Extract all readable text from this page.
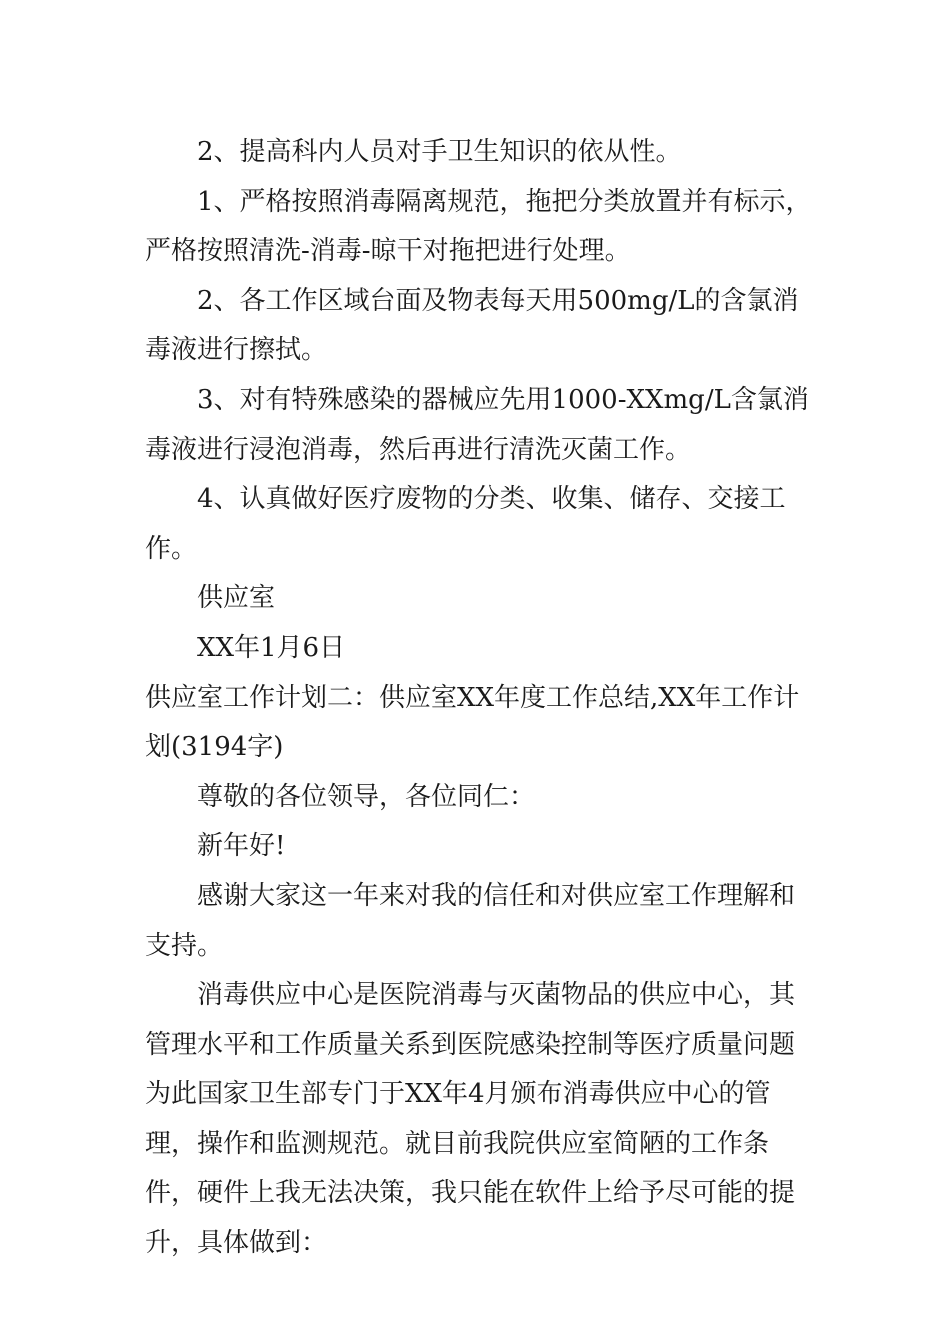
2、提高科内人员对手卫生知识的依从性。

1、严格按照消毒隔离规范，拖把分类放置并有标示，严格按照清洗-消毒-晾干对拖把进行处理。

2、各工作区域台面及物表每天用500mg/L的含氯消毒液进行擦拭。

3、对有特殊感染的器械应先用1000-XXmg/L含氯消毒液进行浸泡消毒，然后再进行清洗灭菌工作。

4、认真做好医疗废物的分类、收集、储存、交接工作。

供应室

XX年1月6日

供应室工作计划二：供应室XX年度工作总结,XX年工作计划(3194字)

尊敬的各位领导，各位同仁：

新年好!

感谢大家这一年来对我的信任和对供应室工作理解和支持。

消毒供应中心是医院消毒与灭菌物品的供应中心，其管理水平和工作质量关系到医院感染控制等医疗质量问题为此国家卫生部专门于XX年4月颁布消毒供应中心的管理，操作和监测规范。就目前我院供应室简陋的工作条件，硬件上我无法决策，我只能在软件上给予尽可能的提升，具体做到：
